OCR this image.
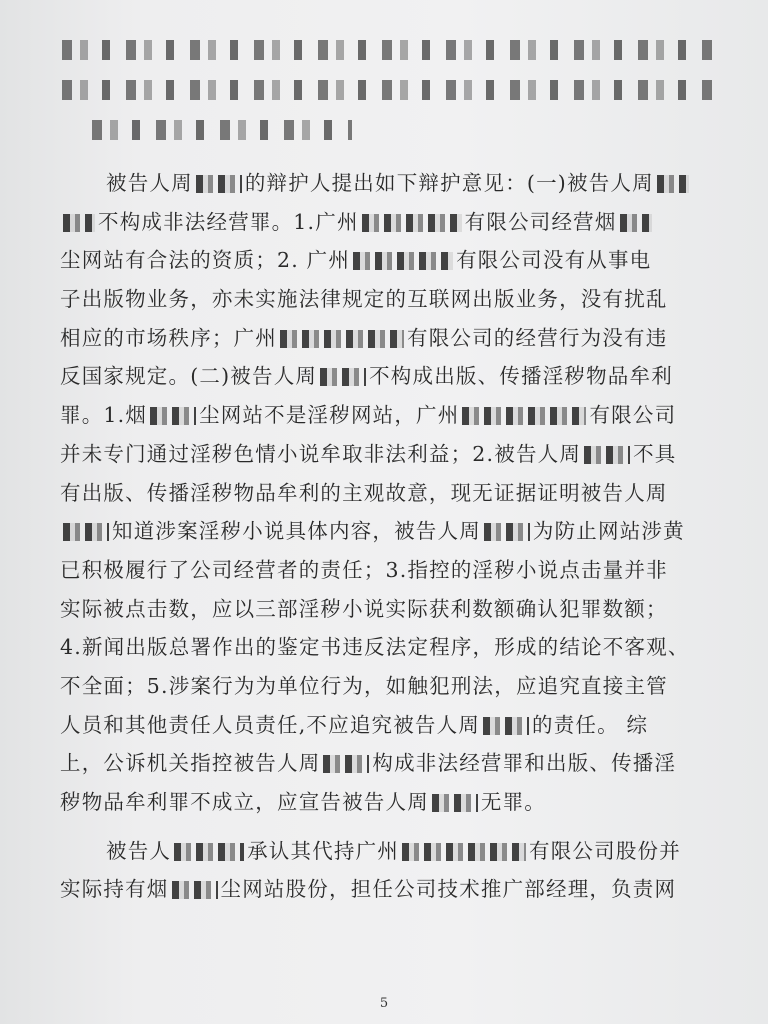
被告人周	的辩护人提出如下辩护意见：(一)被告人周
不构成非法经营罪。1.广州	有限公司经营烟
尘网站有合法的资质；2. 广州	有限公司没有从事电
子出版物业务，亦未实施法律规定的互联网出版业务，没有扰乱
相应的市场秩序；广州	有限公司的经营行为没有违
反国家规定。(二)被告人周	不构成出版、传播淫秽物品牟利
罪。1.烟	尘网站不是淫秽网站，广州	有限公司
并未专门通过淫秽色情小说牟取非法利益；2.被告人周	不具
有出版、传播淫秽物品牟利的主观故意，现无证据证明被告人周
知道涉案淫秽小说具体内容，被告人周	为防止网站涉黄
已积极履行了公司经营者的责任；3.指控的淫秽小说点击量并非
实际被点击数，应以三部淫秽小说实际获利数额确认犯罪数额；
4.新闻出版总署作出的鉴定书违反法定程序，形成的结论不客观、
不全面；5.涉案行为为单位行为，如触犯刑法，应追究直接主管
人员和其他责任人员责任,不应追究被告人周	的责任。 综
上，公诉机关指控被告人周	构成非法经营罪和出版、传播淫
秽物品牟利罪不成立，应宣告被告人周	无罪。
被告人	承认其代持广州	有限公司股份并
实际持有烟	尘网站股份，担任公司技术推广部经理，负责网
5
